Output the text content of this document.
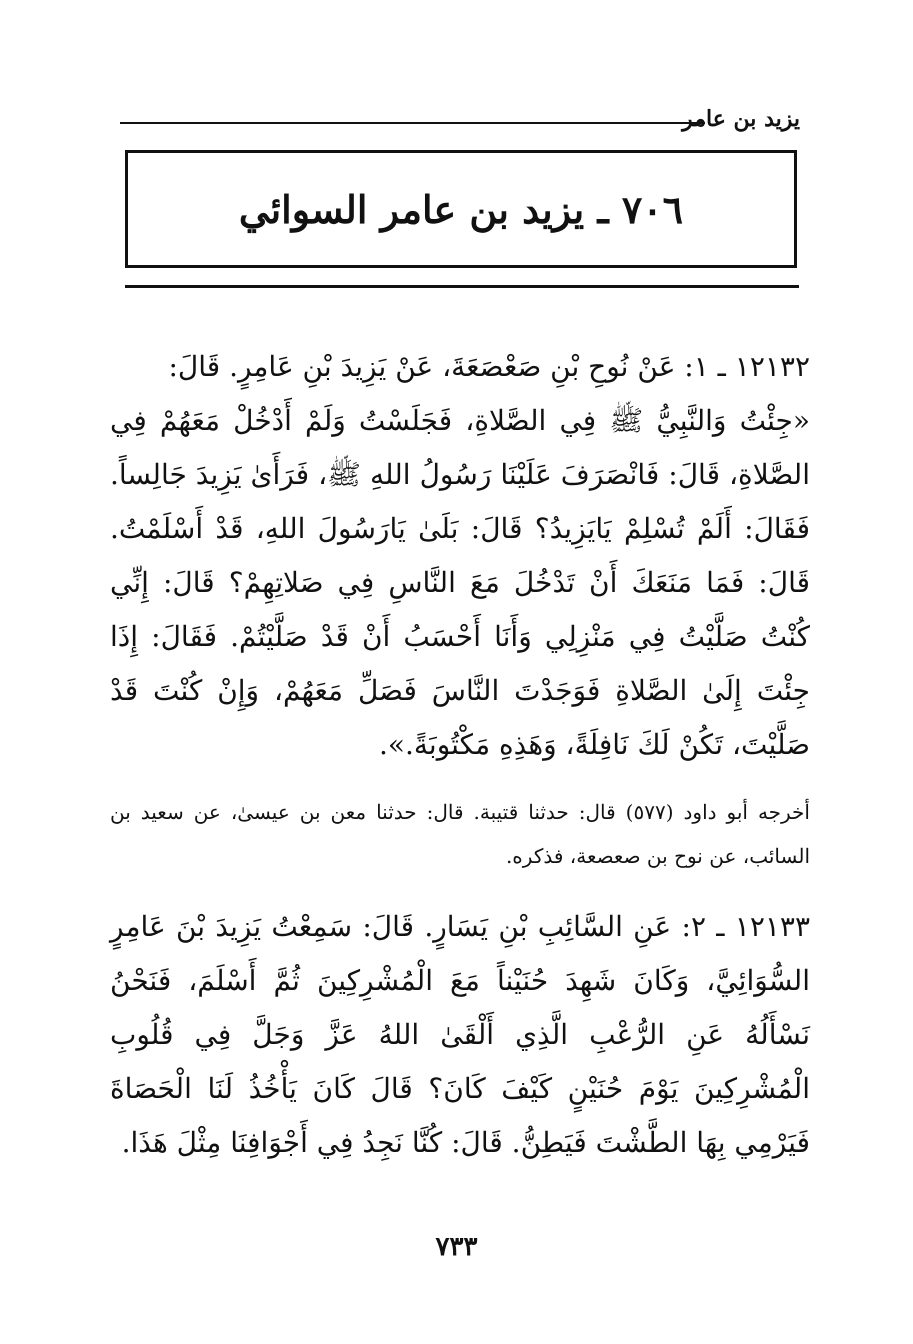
يزيد بن عامر
٧٠٦ ـ يزيد بن عامر السوائي

١٢١٣٢ ـ ١: عَنْ نُوحِ بْنِ صَعْصَعَةَ، عَنْ يَزِيدَ بْنِ عَامِرٍ. قَالَ:

«جِئْتُ وَالنَّبِيُّ ﷺ فِي الصَّلاةِ، فَجَلَسْتُ وَلَمْ أَدْخُلْ مَعَهُمْ فِي الصَّلاةِ، قَالَ: فَانْصَرَفَ عَلَيْنَا رَسُولُ اللهِ ﷺ، فَرَأَىٰ يَزِيدَ جَالِساً. فَقَالَ: أَلَمْ تُسْلِمْ يَايَزِيدُ؟ قَالَ: بَلَىٰ يَارَسُولَ اللهِ، قَدْ أَسْلَمْتُ. قَالَ: فَمَا مَنَعَكَ أَنْ تَدْخُلَ مَعَ النَّاسِ فِي صَلاتِهِمْ؟ قَالَ: إِنِّي كُنْتُ صَلَّيْتُ فِي مَنْزِلِي وَأَنَا أَحْسَبُ أَنْ قَدْ صَلَّيْتُمْ. فَقَالَ: إِذَا جِئْتَ إِلَىٰ الصَّلاةِ فَوَجَدْتَ النَّاسَ فَصَلِّ مَعَهُمْ، وَإِنْ كُنْتَ قَدْ صَلَّيْتَ، تَكُنْ لَكَ نَافِلَةً، وَهَذِهِ مَكْتُوبَةً.».

أخرجه أبو داود (٥٧٧) قال: حدثنا قتيبة. قال: حدثنا معن بن عيسىٰ، عن سعيد بن السائب، عن نوح بن صعصعة، فذكره.

١٢١٣٣ ـ ٢: عَنِ السَّائِبِ بْنِ يَسَارٍ. قَالَ: سَمِعْتُ يَزِيدَ بْنَ عَامِرٍ السُّوَائِيَّ، وَكَانَ شَهِدَ حُنَيْناً مَعَ الْمُشْرِكِينَ ثُمَّ أَسْلَمَ، فَنَحْنُ نَسْأَلُهُ عَنِ الرُّعْبِ الَّذِي أَلْقَىٰ اللهُ عَزَّ وَجَلَّ فِي قُلُوبِ الْمُشْرِكِينَ يَوْمَ حُنَيْنٍ كَيْفَ كَانَ؟ قَالَ كَانَ يَأْخُذُ لَنَا الْحَصَاةَ فَيَرْمِي بِهَا الطَّشْتَ فَيَطِنُّ. قَالَ: كُنَّا نَجِدُ فِي أَجْوَافِنَا مِثْلَ هَذَا.

٧٣٣
